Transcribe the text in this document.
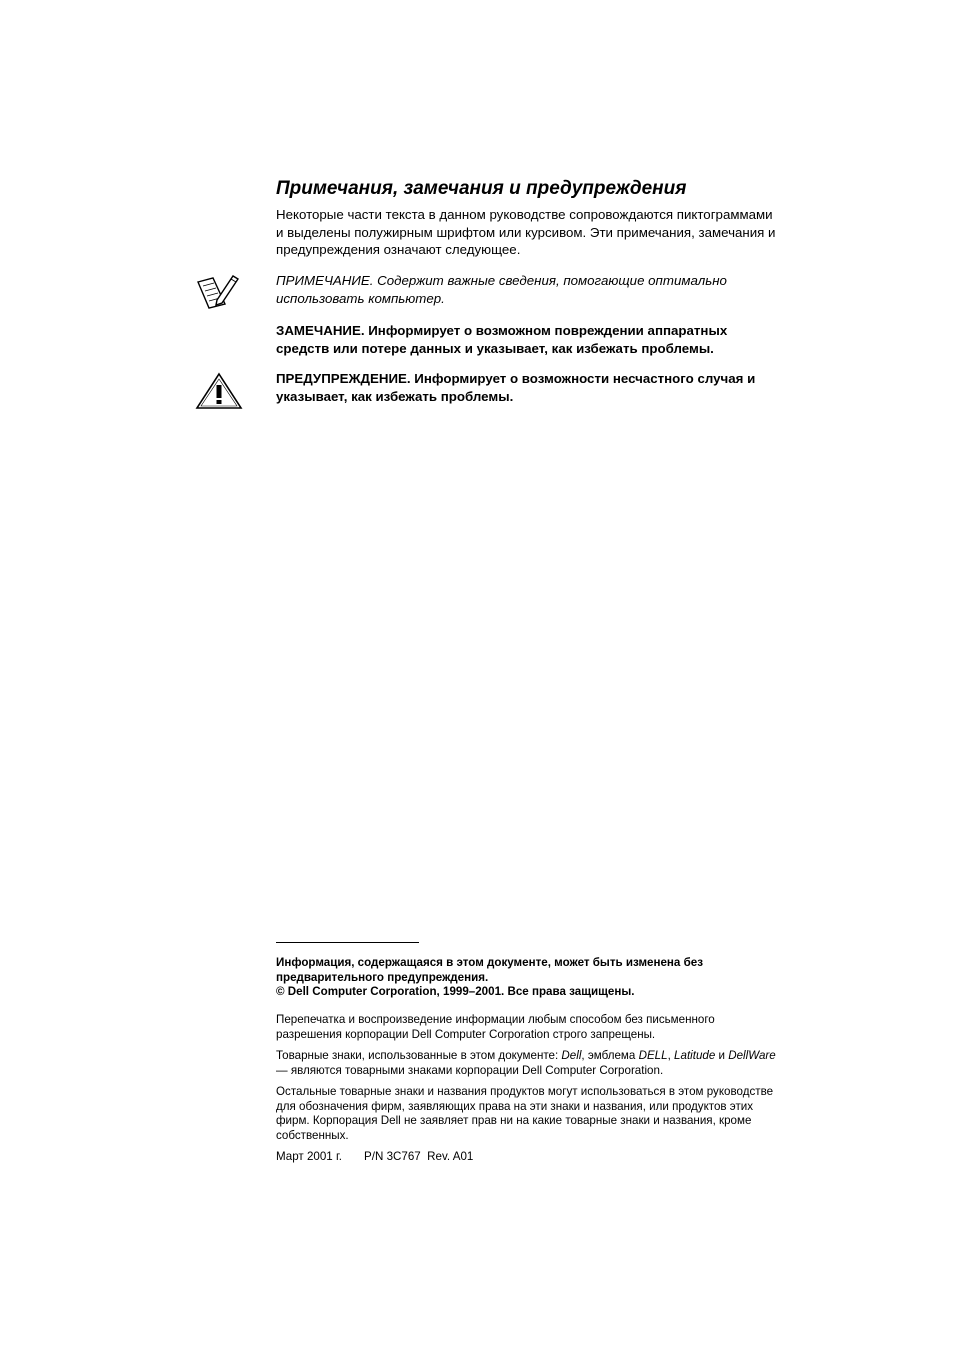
Примечания, замечания и предупреждения

Некоторые части текста в данном руководстве сопровождаются пиктограммами

и выделены полужирным шрифтом или курсивом. Эти примечания, замечания и

предупреждения означают следующее.

ПРИМЕЧАНИЕ. Содержит важные сведения, помогающие оптимально

использовать компьютер.

ЗАМЕЧАНИЕ. Информирует о возможном повреждении аппаратных

средств или потере данных и указывает, как избежать проблемы.

ПРЕДУПРЕЖДЕНИЕ. Информирует о возможности несчастного случая и

указывает, как избежать проблемы.

Информация, содержащаяся в этом документе, может быть изменена без

предварительного предупреждения.

© Dell Computer Corporation, 1999–2001. Все права защищены.

Перепечатка и воспроизведение информации любым способом без письменного

разрешения корпорации Dell Computer Corporation строго запрещены.

Товарные знаки, использованные в этом документе: Dell, эмблема DELL, Latitude и DellWare

— являются товарными знаками корпорации Dell Computer Corporation.

Остальные товарные знаки и названия продуктов могут использоваться в этом руководстве

для обозначения фирм, заявляющих права на эти знаки и названия, или продуктов этих

фирм. Корпорация Dell не заявляет прав ни на какие товарные знаки и названия, кроме

собственных.

Март 2001 г. P/N 3C767  Rev. A01
